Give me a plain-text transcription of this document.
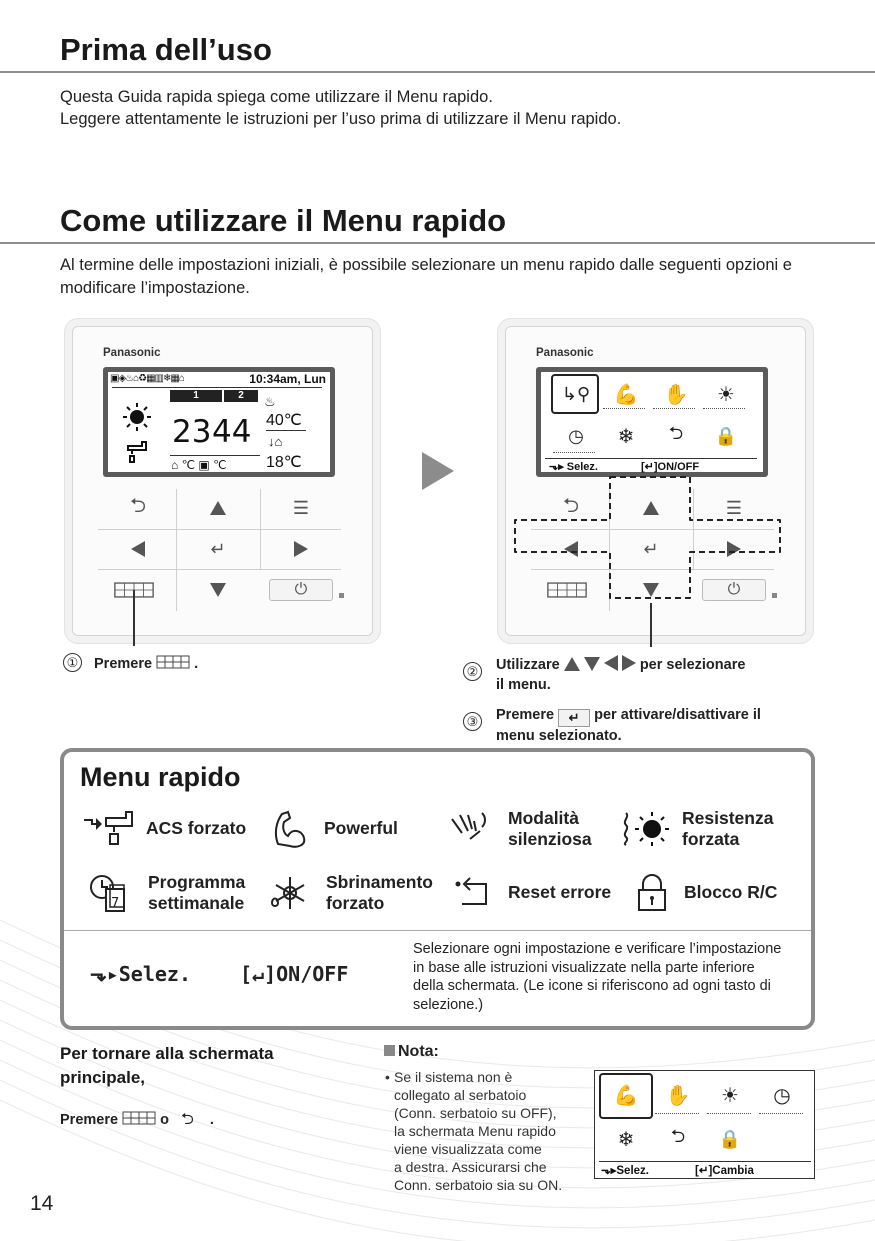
Prima dell’uso
Questa Guida rapida spiega come utilizzare il Menu rapido.
Leggere attentamente le istruzioni per l’uso prima di utilizzare il Menu rapido.
Come utilizzare il Menu rapido
Al termine delle impostazioni iniziali, è possibile selezionare un menu rapido dalle seguenti opzioni e modificare l’impostazione.
Panasonic
▣◈♨⌂♻▦▥❄▦⌂	10:34am, Lun
1	2
23 44
⌂ ℃ ▣ ℃
♨
40℃
↓⌂
18℃
⮌	☰
↵
⏻
Panasonic
↳⚲	💪	✋	☀
◷	❄	⮌	🔒
⬎▸ Selez.	[↵]ON/OFF
⮌	☰
↵
⏻
① Premere	.	② Utilizzare	per selezionare
il menu.
③ Premere ↵ per attivare/disattivare il
menu selezionato.
Menu rapido
ACS forzato	Powerful	Modalità
silenziosa
Resistenza
forzata
7
Programma
settimanale
Sbrinamento
forzato
Reset errore	Blocco R/C
⬎▸Selez. [↵]ON/OFF
Selezionare ogni impostazione e verificare l’impostazione in base alle istruzioni visualizzate nella parte inferiore della schermata. (Le icone si riferiscono ad ogni tasto di selezione.)
Per tornare alla schermata
principale,
Premere	o ⮌ .
Nota:
• Se il sistema non è
collegato al serbatoio
(Conn. serbatoio su OFF),
la schermata Menu rapido
viene visualizzata come
a destra. Assicurarsi che
Conn. serbatoio sia su ON.
💪	✋	☀	◷
❄	⮌	🔒
⬎▸Selez.	[↵]Cambia
14
